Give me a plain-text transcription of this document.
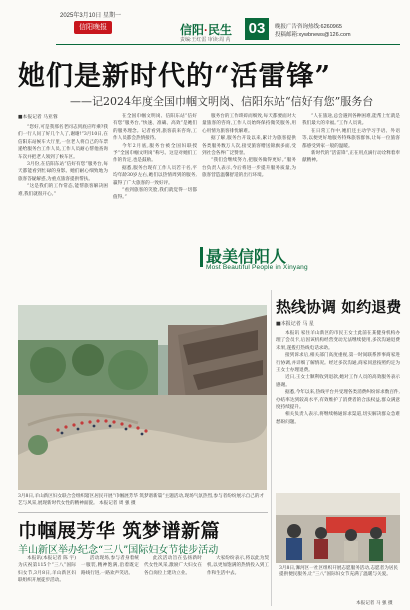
2025年3月10日 星期一
信阳晚报	信阳·民生
责编:王红雷 审读:周 芮
03	晚报广告咨询热线:6260965
投稿邮箱:xywbnews@126.com
她们是新时代的“活雷锋”
——记2024年度全国巾帼文明岗、信阳东站“信好有您”服务台
■本报记者 马亚蓉

“您好,可是我那名老同志到底应咋乘?我们一行人问了好几个人了,谢谢!”3月10日,在信阳东站候车大厅里,一位老人将自己的车票递给服务台工作人员,工作人员耐心帮他查询车次并把老人领到了候车区。

3月份,在信阳东站“信好有您”服务台,每天都能看到忙碌的身影。她们耐心细致地为旅客答疑解惑,为重点旅客提供帮扶。

“这是我们的工作常态,能帮旅客解决困难,我们就很开心。”

在全国巾帼文明岗、信阳东站“信好有您”服务台,“快速、准确、高效”是她们的服务理念。记者看到,旅客前来咨询,工作人员都会热情接待。

今年2月底,服务台被全国妇联授予“全国巾帼文明岗”称号。这是对她们工作的肯定,也是鼓励。

据悉,服务台现有工作人员若干名,平均年龄30岁左右,她们以热情周到的服务,赢得了广大旅客的一致好评。

“看到旅客的笑脸,我们就觉得一切都值得。”

服务台的工作琐碎而细致,每天都要面对大量旅客的咨询,工作人员始终保持微笑服务,用心用情为旅客排忧解难。

据了解,服务台开设以来,累计为旅客提供各类服务数万人次,接受旅客赠送锦旗多面,受到社会各界广泛赞誉。

“我们会继续努力,把服务做得更好。”服务台负责人表示,今后将进一步提升服务质量,为旅客营造温馨舒适的出行环境。

“人在旅途,总会遇到各种困难,能帮上忙就是我们最大的幸福。”工作人员说。

在日常工作中,她们还主动学习手语、外语等,以便更好地服务特殊旅客群体,让每一位旅客都感受到家一般的温暖。

新时代的“活雷锋”,正在用点滴行动诠释着奉献精神。

最美信阳人
Most Beautiful People in Xinyang
3月8日,羊山新区妇女联合会组织辖区居民开展“巾帼展芳华 筑梦谱新篇”主题活动,现场气氛热烈,参与者纷纷展示自己的才艺与风采,展现新时代女性的精神面貌。 本报记者 周 强 摄
热线协调 如约退费
■本报记者 马 星

本报讯 家住羊山新区的市民王女士此前在某健身机构办理了会员卡,后因该机构经营变动无法继续使用,多次沟通退费未果,遂拨打热线电话求助。

接到诉求后,相关部门高度重视,第一时间联系涉事商家进行协调,并详细了解情况。经过多次沟通,商家同意按照约定为王女士办理退费。

近日,王女士顺利收到退款,她对工作人员的高效服务表示感谢。

据悉,今年以来,热线平台共受理各类消费纠纷诉求数百件,办结率达到较高水平,有效维护了消费者的合法权益,群众满意度持续提升。

相关负责人表示,将继续畅通诉求渠道,切实解决群众急难愁盼问题。

3月8日,浉河区一社区组织开展志愿服务活动,志愿者为居民提供便民服务,让“三八”国际妇女节充满了温暖与关爱。
本报记者 马 强 摄
巾帼展芳华 筑梦谱新篇
羊山新区举办纪念“三八”国际妇女节徒步活动

本报讯(本报记者 陈 宇)为庆祝第115个“三八”国际妇女节,3月8日,羊山新区妇联组织开展徒步活动。

活动现场,参与者身着统一服装,精神饱满,沿着既定路线行进,一路欢声笑语。

此次活动旨在弘扬新时代女性风采,激励广大妇女在各自岗位上建功立业。

大家纷纷表示,将以此为契机,以更加饱满的热情投入到工作和生活中去。
